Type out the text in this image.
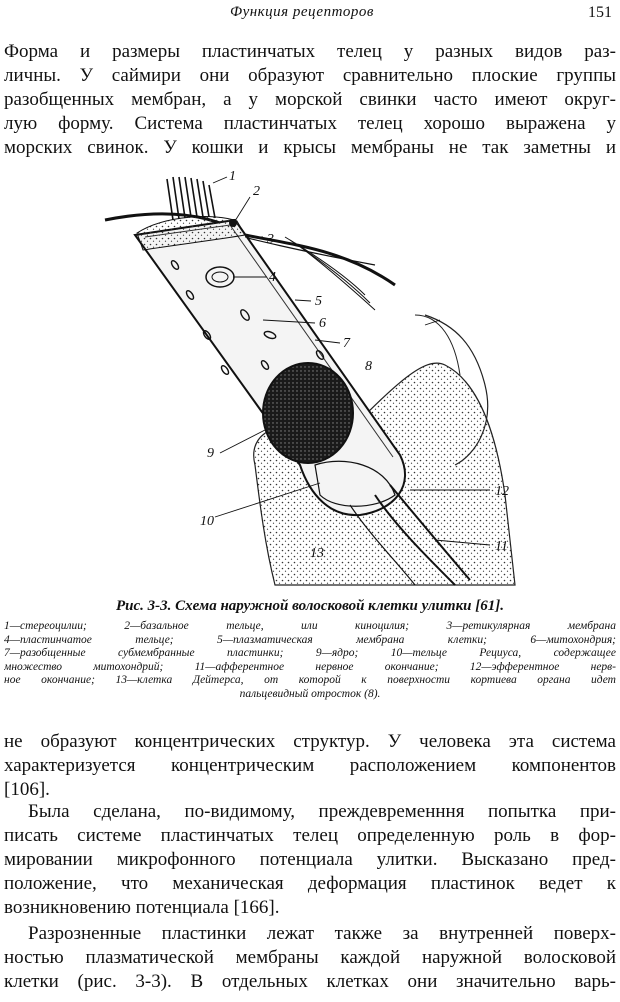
Функция рецепторов	151
Форма и размеры пластинчатых телец у разных видов раз-
личны. У саймири они образуют сравнительно плоские группы
разобщенных мембран, а у морской свинки часто имеют округ-
лую форму. Система пластинчатых телец хорошо выражена у
морских свинок. У кошки и крысы мембраны не так заметны и
1
2
3
4
5
6
7
8
9
10
11
12
13
Рис. 3-3. Схема наружной волосковой клетки улитки [61].
1—стереоцилии; 2—базальное тельце, или киноцилия; 3—ретикулярная мембрана
4—пластинчатое тельце; 5—плазматическая мембрана клетки; 6—митохондрия;
7—разобщенные субмембранные пластинки; 9—ядро; 10—тельце Рециуса, содержащее
множество митохондрий; 11—афферентное нервное окончание; 12—эфферентное нерв-
ное окончание; 13—клетка Дейтерса, от которой к поверхности кортиева органа идет
пальцевидный отросток (8).
не образуют концентрических структур. У человека эта система
характеризуется концентрическим расположением компонентов
[106].
Была сделана, по-видимому, преждевременння попытка при-
писать системе пластинчатых телец определенную роль в фор-
мировании микрофонного потенциала улитки. Высказано пред-
положение, что механическая деформация пластинок ведет к
возникновению потенциала [166].
Разрозненные пластинки лежат также за внутренней поверх-
ностью плазматической мембраны каждой наружной волосковой
клетки (рис. 3-3). В отдельных клетках они значительно варь-
